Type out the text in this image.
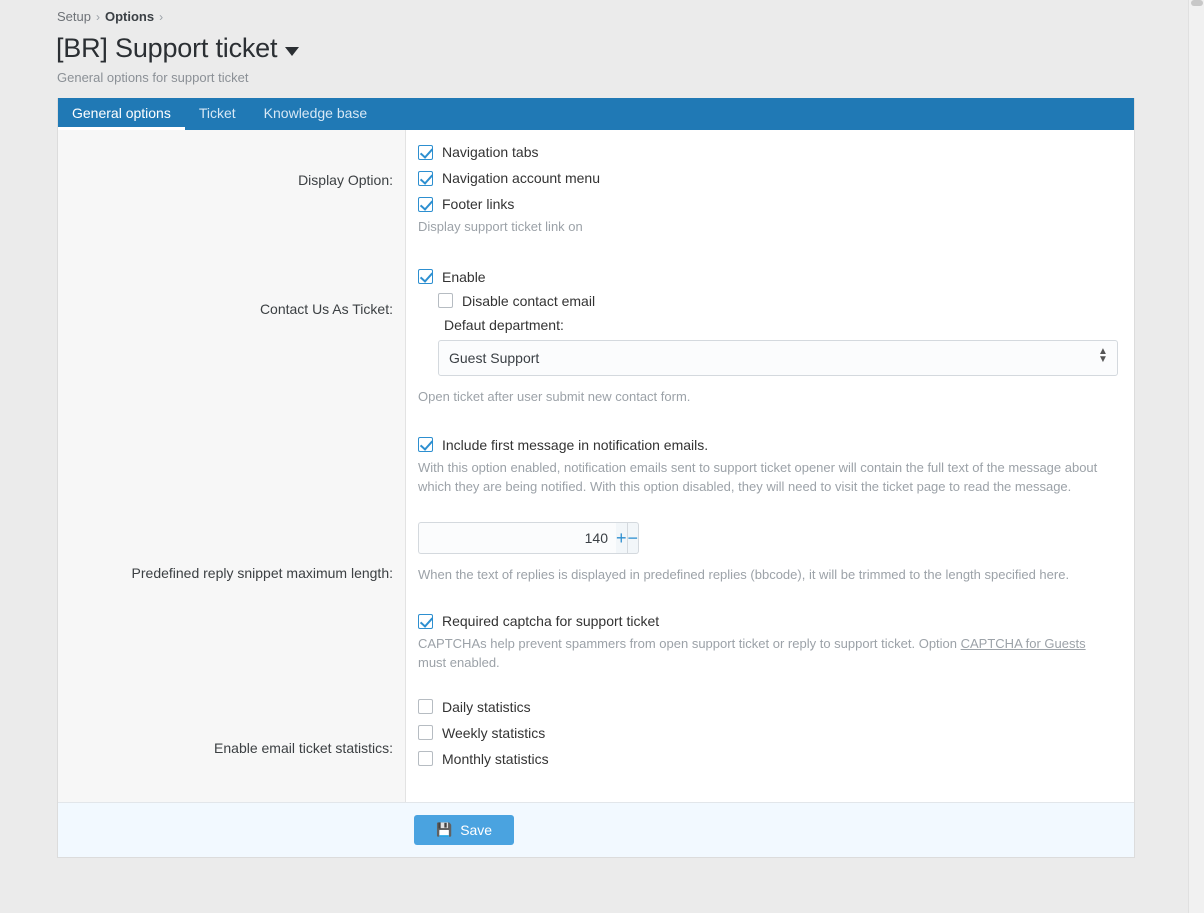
Setup › Options ›
[BR] Support ticket
General options for support ticket
General options	Ticket	Knowledge base
Display Option:
Contact Us As Ticket:
Predefined reply snippet maximum length:
Enable email ticket statistics:
Navigation tabs
Navigation account menu
Footer links
Display support ticket link on
Enable
Disable contact email
Defaut department:
Guest Support
▲
▼
Open ticket after user submit new contact form.
Include first message in notification emails.
With this option enabled, notification emails sent to support ticket opener will contain the full text of the message about which they are being notified. With this option disabled, they will need to visit the ticket page to read the message.
140
+ −
When the text of replies is displayed in predefined replies (bbcode), it will be trimmed to the length specified here.
Required captcha for support ticket
CAPTCHAs help prevent spammers from open support ticket or reply to support ticket. Option CAPTCHA for Guests must enabled.
Daily statistics
Weekly statistics
Monthly statistics
💾 Save
